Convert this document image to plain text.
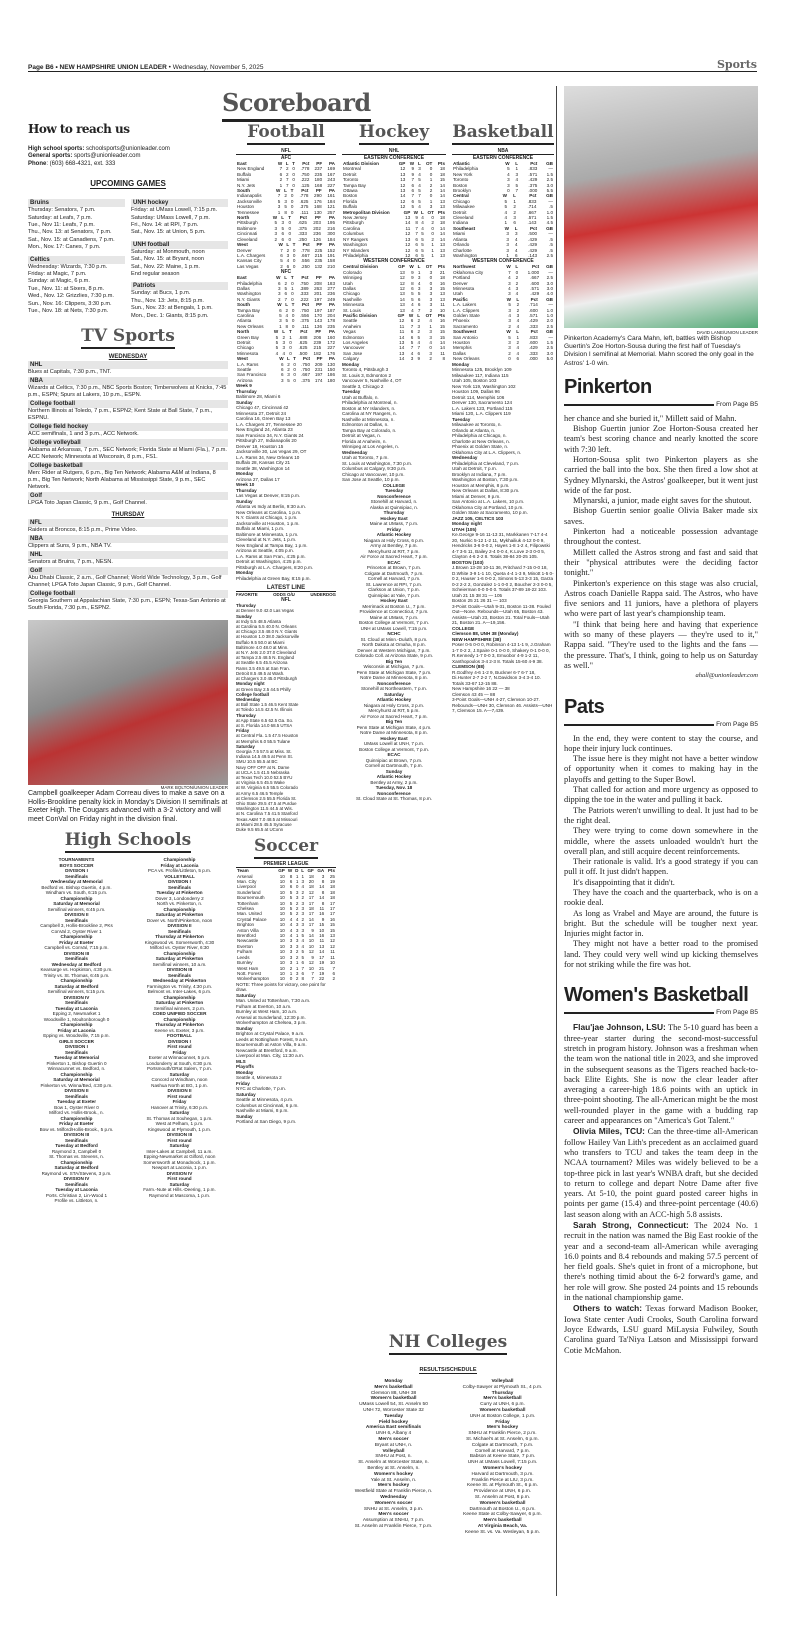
Page B6 • NEW HAMPSHIRE UNION LEADER • Wednesday, November 5, 2025	Sports
Scoreboard
How to reach us
High school sports: schoolsports@unionleader.com
General sports: sports@unionleader.com
Phone: (603) 668-4321, ext. 333
UPCOMING GAMES
Bruins
Thursday: Senators, 7 p.m.
Saturday: at Leafs, 7 p.m.
Tue., Nov 11: Leafs, 7 p.m.
Thu., Nov. 13: at Senators, 7 p.m.
Sat., Nov. 15: at Canadiens, 7 p.m.
Mon., Nov. 17: Canes, 7 p.m.
Celtics
Wednesday: Wizards, 7:30 p.m.
Friday: at Magic, 7 p.m.
Sunday: at Magic, 6 p.m.
Tue., Nov. 11: at Sixers, 8 p.m.
Wed., Nov. 12: Grizzlies, 7:30 p.m.
Sun., Nov. 16: Clippers, 3:30 p.m.
Tue., Nov. 18: at Nets, 7:30 p.m.
UNH hockey
Friday: at UMass Lowell, 7:15 p.m.
Saturday: UMass Lowell, 7 p.m.
Fri., Nov. 14: at RPI, 7 p.m.
Sat., Nov. 15: at Union, 5 p.m.
UNH football
Saturday: at Monmouth, noon
Sat., Nov. 15: at Bryant, noon
Sat., Nov. 22: Maine, 1 p.m.
End regular season
Patriots
Sunday: at Bucs, 1 p.m.
Thu., Nov. 13: Jets, 8:15 p.m.
Sun., Nov. 23: at Bengals, 1 p.m.
Mon., Dec. 1: Giants, 8:15 p.m.
TV Sports
WEDNESDAY
NHL
Blues at Capitals, 7:30 p.m., TNT.
NBA
Wizards at Celtics, 7:30 p.m., NBC Sports Boston; Timberwolves at Knicks, 7:45 p.m., ESPN; Spurs at Lakers, 10 p.m., ESPN.
College football
Northern Illinois at Toledo, 7 p.m., ESPN2; Kent State at Ball State, 7 p.m., ESPNU.
College field hockey
ACC semifinals, 1 and 3 p.m., ACC Network.
College volleyball
Alabama at Arkansas, 7 p.m., SEC Network; Florida State at Miami (Fla.), 7 p.m. ACC Network; Minnesota at Wisconsin, 8 p.m., FS1.
College basketball
Men: Rider at Rutgers, 6 p.m., Big Ten Network; Alabama A&M at Indiana, 8 p.m., Big Ten Network; North Alabama at Mississippi State, 9 p.m., SEC Network.
Golf
LPGA Toto Japan Classic, 9 p.m., Golf Channel.
THURSDAY
NFL
Raiders at Broncos, 8:15 p.m., Prime Video.
NBA
Clippers at Suns, 9 p.m., NBA TV.
NHL
Senators at Bruins, 7 p.m., NESN.
Golf
Abu Dhabi Classic, 2 a.m., Golf Channel; World Wide Technology, 3 p.m., Golf Channel; LPGA Toto Japan Classic, 9 p.m., Golf Channel.
College football
Georgia Southern at Appalachian State, 7:30 p.m., ESPN; Texas-San Antonio at South Florida, 7:30 p.m., ESPN2.
MARK BOLTON/UNION LEADER
Campbell goalkeeper Adam Correau dives to make a save on a Hollis-Brookline penalty kick in Monday's Division II semifinals at Exeter High. The Cougars advanced with a 3-2 victory and will meet ConVal on Friday night in the division final.
High Schools
TOURNAMENTS
BOYS SOCCER
DIVISION I
Semifinals
Wednesday at Memorial
Bedford vs. Bishop Guertin, 4 p.m.
Windham vs. South, 6:15 p.m.
Championship
Saturday at Memorial
Semifinal winners, 6:45 p.m.
DIVISION II
Semifinals
Campbell 3, Hollis-Brookline 2, PKs
ConVal 2, Oyster River 1
Championship
Friday at Exeter
Campbell vs. ConVal, 7:15 p.m.
DIVISION III
Semifinals
Wednesday at Bedford
Kearsarge vs. Hopkinton, 4:30 p.m.
Trinity vs. St. Thomas, 6:45 p.m.
Championship
Saturday at Bedford
Semifinal winners, 5:15 p.m.
DIVISION IV
Semifinals
Tuesday at Laconia
Epping 2, Newmarket 1
Woodsville 1, Moultonborough 0
Championship
Friday at Laconia
Epping vs. Woodsville, 7:15 p.m.
GIRLS SOCCER
DIVISION I
Semifinals
Tuesday at Memorial
Pinkerton 1, Bishop Guertin 0
Winnacunnet vs. Bedford, n.
Championship
Saturday at Memorial
Pinkerton vs. Winna/Bed, 4:30 p.m.
DIVISION II
Semifinals
Tuesday at Exeter
Bow 1, Oyster River 0
Milford vs. Hollis-Brook., n.
Championship
Friday at Exeter
Bow vs. Milford/Hollis-Brook., 5 p.m.
DIVISION III
Semifinals
Tuesday at Bedford
Raymond 3, Campbell 0
St. Thomas vs. Stevens, n.
Championship
Saturday at Bedford
Raymond vs. STA/Stevens, 3 p.m.
DIVISION IV
Semifinals
Tuesday at Laconia
Ports. Christian 2, Lin-Wood 1
Profile vs. Littleton, n.
Championship
Friday at Laconia
PCA vs. Profile/Littleton, 5 p.m.
VOLLEYBALL
DIVISION I
Semifinals
Tuesday at Pinkerton
Dover 3, Londonderry 2
North vs. Pinkerton, n.
Championship
Saturday at Pinkerton
Dover vs. North/Pinkerton, noon
DIVISION II
Semifinals
Thursday at Pinkerton
Kingswood vs. Somersworth, 4:30
Milford vs. Oyster River, 6:30
Championship
Saturday at Pinkerton
Semifinal winners, 10 a.m.
DIVISION III
Semifinals
Wednesday at Pinkerton
Farmington vs. Trinity, 4:30 p.m.
Belmont vs. Inter-Lakes, 6 p.m.
Championship
Saturday at Pinkerton
Semifinal winners, 2 p.m.
COED UNIFIED SOCCER
Championship
Thursday at Pinkerton
Keene vs. Exeter, 3 p.m.
FOOTBALL
DIVISION I
First round
Friday
Exeter at Winnacunnet, 5 p.m.
Londonderry at South, 6:30 p.m.
Portsmouth/ORat Salem, 7 p.m.
Saturday
Concord at Windham, noon
Nashua North at BG, 1 p.m.
DIVISION II
First round
Friday
Hanover at Trinity, 6:30 p.m.
Saturday
St. Thomas at Souhegan, 1 p.m.
West at Pelham, 1 p.m.
Kingswood at Plymouth, 1 p.m.
DIVISION III
First round
Saturday
Inter-Lakes at Campbell, 11 a.m.
Epping-Newmarket at Gilford, noon
Somersworth at Monadnock, 1 p.m.
Newport at Laconia, 1 p.m.
DIVISION IV
First round
Saturday
Farm.-Nute at Hills.-Deering, 1 p.m.
Raymond at Mascoma, 1 p.m.
Football
NFL
AFC
East	W	L	T	Pct	PF	PA
New England	7	2	0	.778	237	169
Buffalo	6	2	0	.750	235	167
Miami	2	7	0	.222	180	243
N.Y. Jets	1	7	0	.125	168	227
South	W	L	T	Pct	PF	PA
Indianapolis	7	2	0	.778	290	161
Jacksonville	5	3	0	.625	176	184
Houston	3	5	0	.375	168	121
Tennessee	1	8	0	.111	130	257
North	W	L	T	Pct	PF	PA
Pittsburgh	5	3	0	.625	203	195
Baltimore	3	5	0	.375	202	216
Cincinnati	3	6	0	.333	236	300
Cleveland	2	6	0	.250	126	184
West	W	L	T	Pct	PF	PA
Denver	7	2	0	.778	225	152
L.A. Chargers	6	3	0	.667	215	191
Kansas City	5	4	0	.556	235	158
Las Vegas	2	6	0	.250	132	210
NFC
East	W	L	T	Pct	PF	PA
Philadelphia	6	2	0	.750	208	183
Dallas	3	5	1	.389	263	277
Washington	3	6	0	.333	201	236
N.Y. Giants	2	7	0	.222	197	249
South	W	L	T	Pct	PF	PA
Tampa Bay	6	2	0	.750	197	187
Carolina	5	4	0	.556	170	204
Atlanta	3	5	0	.375	143	178
New Orleans	1	8	0	.111	136	235
North	W	L	T	Pct	PF	PA
Green Bay	5	2	1	.688	206	160
Detroit	5	3	0	.625	239	172
Chicago	5	3	0	.625	215	227
Minnesota	4	4	0	.500	182	176
West	W	L	T	Pct	PF	PA
L.A. Rams	6	2	0	.750	209	130
Seattle	6	2	0	.750	231	150
San Francisco	6	3	0	.667	197	186
Arizona	3	5	0	.375	174	180
Week 9
Thursday
Baltimore 28, Miami 6
Sunday
Chicago 47, Cincinnati 42
Minnesota 27, Detroit 24
Carolina 16, Green Bay 13
L.A. Chargers 27, Tennessee 20
New England 24, Atlanta 23
San Francisco 34, N.Y. Giants 24
Pittsburgh 27, Indianapolis 20
Denver 18, Houston 15
Jacksonville 30, Las Vegas 29, OT
L.A. Rams 34, New Orleans 10
Buffalo 28, Kansas City 21
Seattle 38, Washington 14
Monday
Arizona 27, Dallas 17
Week 10
Thursday
Las Vegas at Denver, 8:15 p.m.
Sunday
Atlanta vs Indy at Berlin, 9:30 a.m.
New Orleans at Carolina, 1 p.m.
N.Y. Giants at Chicago, 1 p.m.
Jacksonville at Houston, 1 p.m.
Buffalo at Miami, 1 p.m.
Baltimore at Minnesota, 1 p.m.
Cleveland at N.Y. Jets, 1 p.m.
New England at Tampa Bay, 1 p.m.
Arizona at Seattle, 4:05 p.m.
L.A. Rams at San Fran., 4:25 p.m.
Detroit at Washington, 4:25 p.m.
Pittsburgh at L.A. Chargers, 8:20 p.m.
Monday
Philadelphia at Green Bay, 8:15 p.m.
LATEST LINE
FAVORITE	ODDS O/U	UNDERDOG
NFL
Thursday
at Denver 9.0 42.0 Las Vegas
Sunday
at Indy 5.5 48.5 Atlanta
at Carolina 5.5 40.0 N. Orleans
at Chicago 3.5 48.0 N.Y. Giants
at Houston 1.0 38.0 Jacksonville
Buffalo 9.5 50.0 at Miami
Baltimore 4.0 48.0 at Minn.
at N.Y. Jets 2.0 37.0 Cleveland
at Tampa 2.5 48.5 N. England
at Seattle 6.5 45.5 Arizona
Rams 3.5 49.5 at San Fran.
Detroit 8.5 49.5 at Wash.
at Chargers 3.0 45.0 Pittsburgh
Monday night
at Green Bay 2.5 44.5 Philly
College football
Wednesday
at Ball State 1.5 46.5 Kent State
at Toledo 14.5 42.5 N. Illinois
Thursday
at App State 6.5 62.5 Ga. So.
at S. Florida 14.0 68.5 UTSA
Friday
at Central Fla. 1.5 47.5 Houston
at Memphis 6.0 55.5 Tulane
Saturday
Georgia 7.5 57.5 at Miss. St.
Indiana 14.5 49.5 at Penn St.
SMU 10.5 55.5 at BC
Navy OFF OFF at N. Dame
at UCLA 1.5 41.5 Nebraska
at Texas Tech 10.0 52.5 BYU
at Virginia 6.5 45.5 Wake
at W. Virginia 6.5 55.5 Colorado
at Army 6.5 46.5 Temple
at Clemson 2.5 55.5 Florida St.
Ohio State 29.5 47.5 at Purdue
Washington 11.5 44.5 at Wis.
at N. Carolina 7.5 41.5 Stanford
Texas A&M 7.0 48.5 at Missouri
at Miami 28.5 45.5 Syracuse
Duke 9.5 65.5 at UConn
Soccer
PREMIER LEAGUE
Team	GP	W	D	L	GF	GA	Pts
Arsenal	10	8	1	1	18	3	25
Man. City	10	6	1	3	20	8	19
Liverpool	10	6	0	4	18	14	18
Sunderland	10	5	3	2	12	8	18
Bournemouth	10	5	3	2	17	14	18
Tottenham	10	5	2	3	17	8	17
Chelsea	10	5	2	3	18	11	17
Man. United	10	5	2	3	17	16	17
Crystal Palace	10	4	4	2	14	9	16
Brighton	10	4	3	3	17	15	15
Aston Villa	10	4	3	3	9	10	15
Brentford	10	4	1	5	14	16	13
Newcastle	10	3	3	4	10	11	12
Everton	10	3	3	4	10	13	12
Fulham	10	3	2	5	12	14	11
Leeds	10	3	2	5	9	17	11
Burnley	10	3	1	6	12	19	10
West Ham	10	2	1	7	10	21	7
Nott. Forest	10	1	3	6	7	19	6
Wolverhampton	10	0	2	8	7	22	2
NOTE: Three points for victory, one point for draw.
Saturday
Man. United at Tottenham, 7:30 a.m.
Fulham at Everton, 10 a.m.
Burnley at West Ham, 10 a.m.
Arsenal at Sunderland, 12:30 p.m.
Wolverhampton at Chelsea, 3 p.m.
Sunday
Brighton at Crystal Palace, 9 a.m.
Leeds at Nottingham Forest, 9 a.m.
Bournemouth at Aston Villa, 9 a.m.
Newcastle at Brentford, 9 a.m.
Liverpool at Man. City, 11:30 a.m.
MLS
Playoffs
Monday
Seattle 4, Minnesota 2
Friday
NYC at Charlotte, 7 p.m.
Saturday
Seattle at Minnesota, 4 p.m.
Columbus at Cincinnati, 6 p.m.
Nashville at Miami, 8 p.m.
Sunday
Portland at San Diego, 9 p.m.
Hockey
NHL
EASTERN CONFERENCE
Atlantic Division	GP	W	L	OT	Pts
Montreal	12	9	3	0	18
Detroit	13	9	4	0	18
Toronto	13	7	5	1	15
Tampa Bay	12	6	4	2	14
Ottawa	13	6	5	2	14
Boston	14	7	7	0	14
Florida	12	6	5	1	13
Buffalo	12	5	4	3	13
Metropolitan Division	GP	W	L	OT	Pts
New Jersey	13	9	4	0	18
Pittsburgh	14	8	4	2	18
Carolina	11	7	4	0	14
Columbus	12	7	5	0	14
NY Rangers	13	6	5	2	14
Washington	12	6	5	1	13
NY Islanders	12	6	5	1	13
Philadelphia	12	6	5	1	13
WESTERN CONFERENCE
Central Division	GP	W	L	OT	Pts
Colorado	13	9	1	3	21
Winnipeg	12	9	3	0	18
Utah	12	8	4	0	16
Dallas	12	6	3	3	15
Chicago	13	5	5	3	13
Nashville	14	5	6	3	13
Minnesota	13	4	6	3	11
St. Louis	13	4	7	2	10
Pacific Division	GP	W	L	OT	Pts
Seattle	12	6	2	4	16
Anaheim	11	7	3	1	15
Vegas	11	6	2	3	15
Edmonton	14	6	5	3	15
Los Angeles	13	5	4	4	14
Vancouver	14	7	7	0	14
San Jose	13	4	6	3	11
Calgary	14	3	9	2	8
Monday
Toronto 4, Pittsburgh 3
St. Louis 3, Edmonton 2
Vancouver 5, Nashville 4, OT
Seattle 3, Chicago 2
Tuesday
Utah at Buffalo, n.
Philadelphia at Montreal, n.
Boston at NY Islanders, n.
Carolina at NY Rangers, n.
Nashville at Minnesota, n.
Edmonton at Dallas, n.
Tampa Bay at Colorado, n.
Detroit at Vegas, n.
Florida at Anaheim, n.
Winnipeg at Los Angeles, n.
Wednesday
Utah at Toronto, 7 p.m.
St. Louis at Washington, 7:30 p.m.
Columbus at Calgary, 9:30 p.m.
Chicago at Vancouver, 10 p.m.
San Jose at Seattle, 10 p.m.
COLLEGE
Tuesday
Nonconference
Stonehill at Harvard, n.
Alaska at Quinnipiac, n.
Thursday
Hockey East
Maine at UMass, 7 p.m.
Friday
Atlantic Hockey
Niagara at Holy Cross, 6 p.m.
Army at Bentley, 7 p.m.
Mercyhurst at RIT, 7 p.m.
Air Force at Sacred Heart, 7 p.m.
ECAC
Princeton at Brown, 7 p.m.
Colgate at Dartmouth, 7 p.m.
Cornell at Harvard, 7 p.m.
St. Lawrence at RPI, 7 p.m.
Clarkson at Union, 7 p.m.
Quinnipiac at Yale, 7 p.m.
Hockey East
Merrimack at Boston U., 7 p.m.
Providence at Connecticut, 7 p.m.
Maine at UMass, 7 p.m.
Boston College at Vermont, 7 p.m.
UNH at UMass Lowell, 7:15 p.m.
NCHC
St. Cloud at Minn.-Duluth, 8 p.m.
North Dakota at Omaha, 8 p.m.
Denver at Western Michigan, 7 p.m.
Colorado Coll. at Arizona State, 9 p.m.
Big Ten
Wisconsin at Michigan, 7 p.m.
Penn State at Michigan State, 7 p.m.
Notre Dame at Minnesota, 8 p.m.
Nonconference
Stonehill at Northeastern, 7 p.m.
Saturday
Atlantic Hockey
Niagara at Holy Cross, 2 p.m.
Mercyhurst at RIT, 5 p.m.
Air Force at Sacred Heart, 7 p.m.
Big Ten
Penn State at Michigan State, 4 p.m.
Notre Dame at Minnesota, 8 p.m.
Hockey East
UMass Lowell at UNH, 7 p.m.
Boston College at Vermont, 7 p.m.
ECAC
Quinnipiac at Brown, 7 p.m.
Cornell at Dartmouth, 7 p.m.
Sunday
Atlantic Hockey
Bentley at Army, 2 p.m.
Tuesday, Nov. 18
Nonconference
St. Cloud State at St. Thomas, 8 p.m.
Basketball
NBA
EASTERN CONFERENCE
Atlantic	W	L	Pct	GB
Philadelphia	5	1	.833	—
New York	4	3	.571	1.5
Toronto	3	4	.429	2.5
Boston	3	5	.375	3.0
Brooklyn	0	7	.000	5.5
Central	W	L	Pct	GB
Chicago	5	1	.833	—
Milwaukee	5	2	.714	.5
Detroit	4	2	.667	1.0
Cleveland	4	3	.571	1.5
Indiana	1	6	.143	4.5
Southeast	W	L	Pct	GB
Miami	3	3	.500	—
Atlanta	3	4	.429	.5
Orlando	3	4	.429	.5
Charlotte	3	4	.429	.5
Washington	1	6	.143	2.5
WESTERN CONFERENCE
Northwest	W	L	Pct	GB
Oklahoma City	7	0	1.000	—
Portland	4	2	.667	2.5
Denver	3	2	.600	3.0
Minnesota	4	3	.571	3.0
Utah	3	4	.429	4.0
Pacific	W	L	Pct	GB
L.A. Lakers	5	2	.714	—
L.A. Clippers	3	2	.600	1.0
Golden State	4	3	.571	1.0
Phoenix	3	4	.429	2.0
Sacramento	2	4	.333	2.5
Southwest	W	L	Pct	GB
San Antonio	5	1	.833	—
Houston	3	2	.600	1.5
Memphis	3	4	.429	2.5
Dallas	2	4	.333	3.0
New Orleans	0	6	.000	5.0
Monday
Minnesota 125, Brooklyn 109
Milwaukee 117, Indiana 115
Utah 105, Boston 103
New York 119, Washington 102
Houston 109, Dallas 96
Detroit 114, Memphis 106
Denver 130, Sacramento 124
L.A. Lakers 123, Portland 115
Miami 120, L.A. Clippers 119
Tuesday
Milwaukee at Toronto, n.
Orlando at Atlanta, n.
Philadelphia at Chicago, n.
Charlotte at New Orleans, n.
Phoenix at Golden State, n.
Oklahoma City at L.A. Clippers, n.
Wednesday
Philadelphia at Cleveland, 7 p.m.
Utah at Detroit, 7 p.m.
Brooklyn at Indiana, 7 p.m.
Washington at Boston, 7:30 p.m.
Houston at Memphis, 8 p.m.
New Orleans at Dallas, 8:30 p.m.
Miami at Denver, 9 p.m.
San Antonio at L.A. Lakers, 10 p.m.
Oklahoma City at Portland, 10 p.m.
Golden State at Sacramento, 10 p.m.
JAZZ 105, CELTICS 103
Monday night
UTAH (105)
Ke.George 9-16 11-13 31, Markkanen 7-17 4-4 20, Nurkic 5-12 1-2 11, Mykhailiuk 4-12 0-0 9, Hendricks 3-6 0-0 2, Hayes 1-8 1-2 4, Filipowski 4-7 3-5 11, Bailey 2-4 0-0 4, K.Love 2-3 0-0 5, Clayton 4-6 2-2 8. Totals 38-84 20-25 105.
BOSTON (103)
J.Brown 13-28 10-11 36, Pritchard 7-15 0-0 18, D.White 3-9 1-1 10, Queta 4-4 1-3 9, Minott 1-5 0-0 2, Hauser 1-6 0-0 2, Simons 5-13 3-3 15, Garza 0-2 2-2 2, Gonzalez 1-1 0-0 2, Boucher 2-3 0-0 5, Scheierman 0-0 0-0 0. Totals 37-89 18-22 103.
Utah 21 15 38 31 — 105
Boston 25 21 26 31 — 103
3-Point Goals—Utah 9-31, Boston 11-38. Fouled Out—None. Rebounds—Utah 65, Boston 43. Assists—Utah 23, Boston 21. Total Fouls—Utah 21, Boston 21. A—19,156.
COLLEGE
Clemson 88, UNH 38 (Monday)
NEW HAMPSHIRE (38)
Poser 0-5 0-0 0, Robinson 4-13 1-1 9, J.Graham 1-7 0-2 2, J.Spaire 0-1 0-0 0, Shakery 0-1 0-0 0, R.Kennedy 1-7 0-0 3, Emuobor 4-9 1-2 11, Xanthopoulos 3-4 2-3 8. Totals 15-60 4-9 38.
CLEMSON (88)
R.Godfrey 4-6 1-2 9, Buckner 6-7 6-7 18, Di.Hunter 2-7 2-2 7, N.Davidson 3-4 3-4 10. Totals 33-67 12-15 88.
New Hampshire 16 22 — 38
Clemson 43 45 — 88
3-Point Goals—UNH 4-27, Clemson 10-27. Rebounds—UNH 30, Clemson 46. Assists—UNH 7, Clemson 15. A—7,439.
NH Colleges
RESULTS/SCHEDULE
Monday
Men's basketball
Clemson 88, UNH 38
Women's basketball
UMass Lowell 54, St. Anselm 50
UNH 72, Worcester State 32
Tuesday
Field hockey
America East semifinals
UNH 6, Albany 4
Men's soccer
Bryant at UNH, n.
Volleyball
SNHU at Post, n.
St. Anselm at Worcester State, n.
Bentley at St. Anselm, n.
Women's hockey
Yale at St. Anselm, n.
Men's hockey
Westfield State at Franklin Pierce, n.
Wednesday
Women's soccer
SNHU at St. Anselm, 3 p.m.
Men's soccer
Assumption at SNHU, 7 p.m.
St. Anselm at Franklin Pierce, 7 p.m.
Volleyball
Colby-Sawyer at Plymouth St., 4 p.m.
Thursday
Men's basketball
Curry at UNH, 6 p.m.
Women's basketball
UNH at Boston College, 1 p.m.
Friday
Men's hockey
SNHU at Franklin Pierce, 2 p.m.
St. Michael's at St. Anselm, 6 p.m.
Colgate at Dartmouth, 7 p.m.
Cornell at Harvard, 7 p.m.
Babson at Keene State, 7 p.m.
UNH at UMass Lowell, 7:15 p.m.
Women's hockey
Harvard at Dartmouth, 3 p.m.
Franklin Pierce at LIU, 3 p.m.
Keene St. at Plymouth St., 6 p.m.
Providence at UNH, 6 p.m.
St. Anselm at Post, 8 p.m.
Women's basketball
Dartmouth at Boston U., 6 p.m.
Keene State at Colby-Sawyer, 6 p.m.
Men's basketball
At Virginia Beach, Va.
Keene St. vs. Va. Wesleyan, 5 p.m.
DAVID LANE/UNION LEADER
Pinkerton Academy's Cara Mahn, left, battles with Bishop Guertin's Zoe Horton-Sousa during the first half of Tuesday's Division I semifinal at Memorial. Mahn scored the only goal in the Astros' 1-0 win.
Pinkerton
From Page B5

her chance and she buried it," Millett said of Mahn.

Bishop Guertin junior Zoe Horton-Sousa created her team's best scoring chance and nearly knotted the score with 7:30 left.

Horton-Sousa split two Pinkerton players as she carried the ball into the box. She then fired a low shot at Sydney Mlynarski, the Astros' goalkeeper, but it went just wide of the far post.

Mlynarski, a junior, made eight saves for the shutout.

Bishop Guertin senior goalie Olivia Baker made six saves.

Pinkerton had a noticeable possession advantage throughout the contest.

Millett called the Astros strong and fast and said that their "physical attributes were the deciding factor tonight."

Pinkerton's experience on this stage was also crucial, Astros coach Danielle Rappa said. The Astros, who have five seniors and 11 juniors, have a plethora of players who were part of last year's championship team.

"I think that being here and having that experience with so many of these players — they're used to it," Rappa said. "They're used to the lights and the fans — the pressure. That's, I think, going to help us on Saturday as well."

ahall@unionleader.com
Pats
From Page B5

In the end, they were content to stay the course, and hope their injury luck continues.

The issue here is they might not have a better window of opportunity when it comes to making hay in the playoffs and getting to the Super Bowl.

That called for action and more urgency as opposed to dipping the toe in the water and pulling it back.

The Patriots weren't unwilling to deal. It just had to be the right deal.

They were trying to come down somewhere in the middle, where the assets unloaded wouldn't hurt the overall plan, and still acquire decent reinforcements.

Their rationale is valid. It's a good strategy if you can pull it off. It just didn't happen.

It's disappointing that it didn't.

They have the coach and the quarterback, who is on a rookie deal.

As long as Vrabel and Maye are around, the future is bright. But the schedule will be tougher next year. Injuries might factor in.

They might not have a better road to the promised land. They could very well wind up kicking themselves for not striking while the fire was hot.

Women's Basketball
From Page B5

Flau'jae Johnson, LSU: The 5-10 guard has been a three-year starter during the second-most-successful stretch in program history. Johnson was a freshman when the team won the national title in 2023, and she improved in the subsequent seasons as the Tigers reached back-to-back Elite Eights. She is now the clear leader after averaging a career-high 18.6 points with an uptick in three-point shooting. The all-American might be the most well-rounded player in the game with a budding rap career and appearances on "America's Got Talent."

Olivia Miles, TCU: Can the three-time all-American follow Hailey Van Lith's precedent as an acclaimed guard who transfers to TCU and takes the team deep in the NCAA tournament? Miles was widely believed to be a top-three pick in last year's WNBA draft, but she decided to return to college and depart Notre Dame after five years. At 5-10, the point guard posted career highs in points per game (15.4) and three-point percentage (40.6) last season along with an ACC-high 5.8 assists.

Sarah Strong, Connecticut: The 2024 No. 1 recruit in the nation was named the Big East rookie of the year and a second-team all-American while averaging 16.0 points and 8.4 rebounds and making 57.5 percent of her field goals. She's quiet in front of a microphone, but there's nothing timid about the 6-2 forward's game, and her role will grow. She posted 24 points and 15 rebounds in the national championship game.

Others to watch: Texas forward Madison Booker, Iowa State center Audi Crooks, South Carolina forward Joyce Edwards, LSU guard MiLaysia Fulwiley, South Carolina guard Ta'Niya Latson and Mississippi forward Cotie McMahon.
